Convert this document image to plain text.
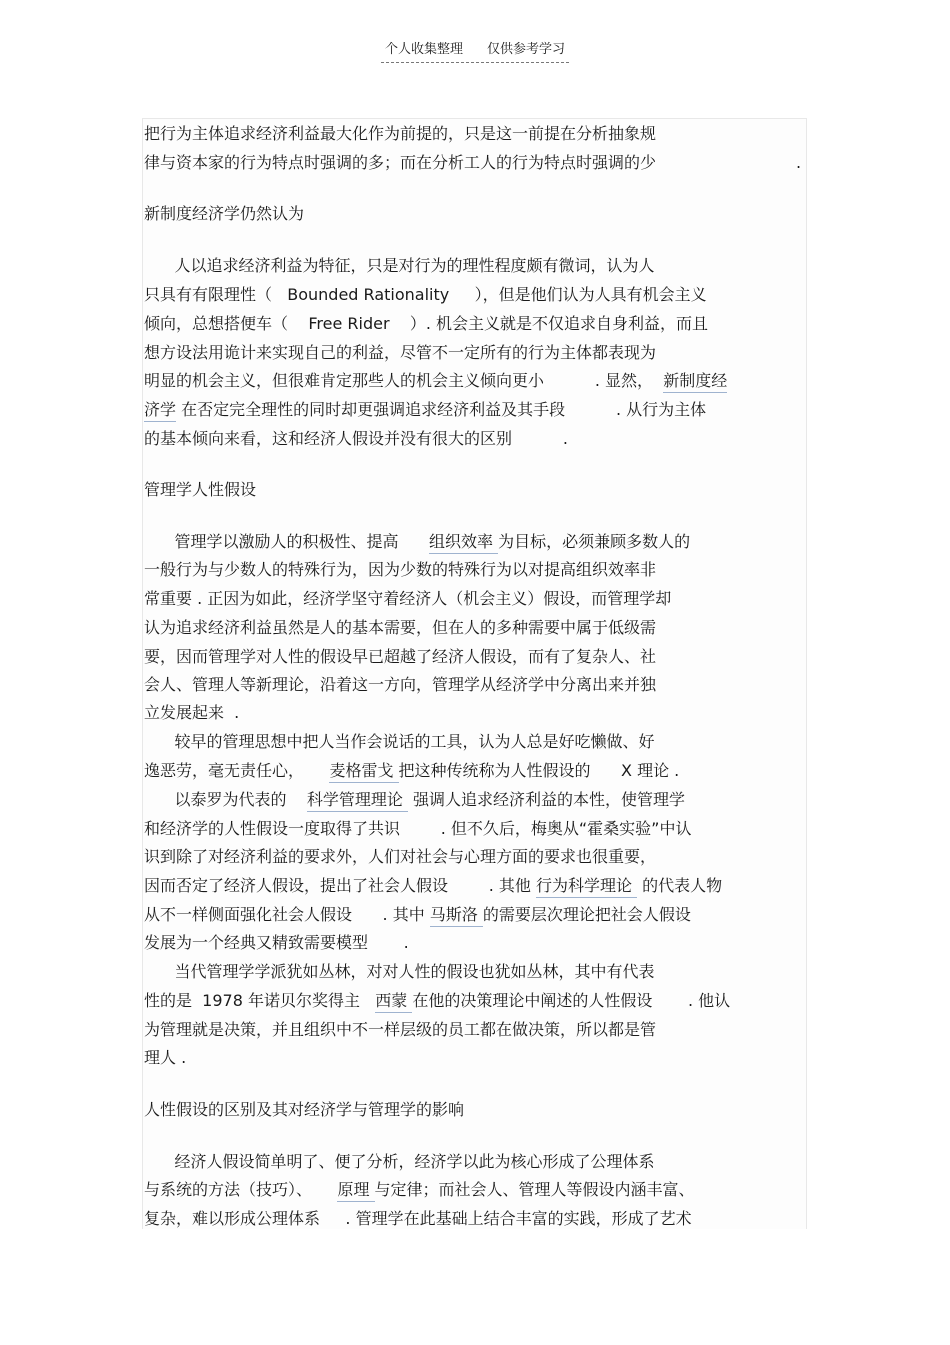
个人收集整理 仅供参考学习
把行为主体追求经济利益最大化作为前提的，只是这一前提在分析抽象规
律与资本家的行为特点时强调的多；而在分析工人的行为特点时强调的少	.
新制度经济学仍然认为
人以追求经济利益为特征，只是对行为的理性程度颇有微词，认为人
只具有有限理性（   Bounded Rationality     ），但是他们认为人具有机会主义
倾向，总想搭便车（    Free Rider    ）. 机会主义就是不仅追求自身利益，而且
想方设法用诡计来实现自己的利益，尽管不一定所有的行为主体都表现为
明显的机会主义，但很难肯定那些人的机会主义倾向更小          . 显然，  新制度经
济学 在否定完全理性的同时却更强调追求经济利益及其手段          . 从行为主体
的基本倾向来看，这和经济人假设并没有很大的区别          .
管理学人性假设
管理学以激励人的积极性、提高      组织效率 为目标，必须兼顾多数人的
一般行为与少数人的特殊行为，因为少数的特殊行为以对提高组织效率非
常重要 . 正因为如此，经济学坚守着经济人（机会主义）假设，而管理学却
认为追求经济利益虽然是人的基本需要，但在人的多种需要中属于低级需
要，因而管理学对人性的假设早已超越了经济人假设，而有了复杂人、社
会人、管理人等新理论，沿着这一方向，管理学从经济学中分离出来并独
立发展起来  .
较早的管理思想中把人当作会说话的工具，认为人总是好吃懒做、好
逸恶劳，毫无责任心，     麦格雷戈 把这种传统称为人性假设的      X 理论 .
以泰罗为代表的    科学管理理论  强调人追求经济利益的本性，使管理学
和经济学的人性假设一度取得了共识        . 但不久后，梅奥从“霍桑实验”中认
识到除了对经济利益的要求外，人们对社会与心理方面的要求也很重要，
因而否定了经济人假设，提出了社会人假设        . 其他 行为科学理论  的代表人物
从不一样侧面强化社会人假设      . 其中 马斯洛 的需要层次理论把社会人假设
发展为一个经典又精致需要模型       .
当代管理学学派犹如丛林，对对人性的假设也犹如丛林，其中有代表
性的是  1978 年诺贝尔奖得主   西蒙 在他的决策理论中阐述的人性假设       . 他认
为管理就是决策，并且组织中不一样层级的员工都在做决策，所以都是管
理人 .
人性假设的区别及其对经济学与管理学的影响
经济人假设简单明了、便了分析，经济学以此为核心形成了公理体系
与系统的方法（技巧）、     原理 与定律；而社会人、管理人等假设内涵丰富、
复杂，难以形成公理体系     . 管理学在此基础上结合丰富的实践，形成了艺术
